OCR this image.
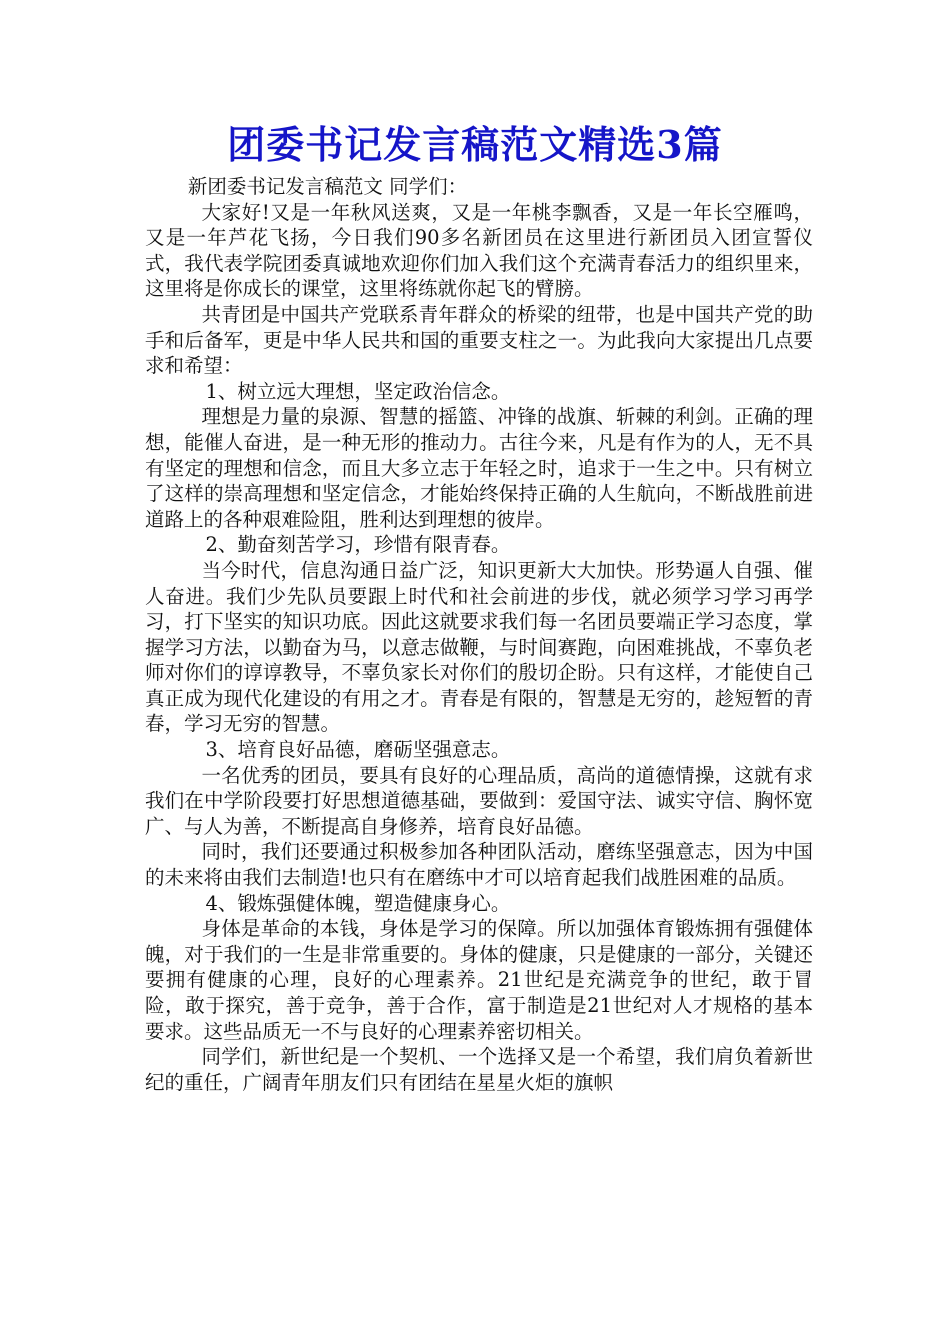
团委书记发言稿范文精选3篇

新团委书记发言稿范文 同学们：

大家好!又是一年秋风送爽，又是一年桃李飘香，又是一年长空雁鸣，又是一年芦花飞扬，今日我们90多名新团员在这里进行新团员入团宣誓仪式，我代表学院团委真诚地欢迎你们加入我们这个充满青春活力的组织里来，这里将是你成长的课堂，这里将练就你起飞的臂膀。

共青团是中国共产党联系青年群众的桥梁的纽带，也是中国共产党的助手和后备军，更是中华人民共和国的重要支柱之一。为此我向大家提出几点要求和希望：

1、树立远大理想，坚定政治信念。

理想是力量的泉源、智慧的摇篮、冲锋的战旗、斩棘的利剑。正确的理想，能催人奋进，是一种无形的推动力。古往今来，凡是有作为的人，无不具有坚定的理想和信念，而且大多立志于年轻之时，追求于一生之中。只有树立了这样的崇高理想和坚定信念，才能始终保持正确的人生航向，不断战胜前进道路上的各种艰难险阻，胜利达到理想的彼岸。

2、勤奋刻苦学习，珍惜有限青春。

当今时代，信息沟通日益广泛，知识更新大大加快。形势逼人自强、催人奋进。我们少先队员要跟上时代和社会前进的步伐，就必须学习学习再学习，打下坚实的知识功底。因此这就要求我们每一名团员要端正学习态度，掌握学习方法，以勤奋为马，以意志做鞭，与时间赛跑，向困难挑战，不辜负老师对你们的谆谆教导，不辜负家长对你们的殷切企盼。只有这样，才能使自己真正成为现代化建设的有用之才。青春是有限的，智慧是无穷的，趁短暂的青春，学习无穷的智慧。

3、培育良好品德，磨砺坚强意志。

一名优秀的团员，要具有良好的心理品质，高尚的道德情操，这就有求我们在中学阶段要打好思想道德基础，要做到：爱国守法、诚实守信、胸怀宽广、与人为善，不断提高自身修养，培育良好品德。

同时，我们还要通过积极参加各种团队活动，磨练坚强意志，因为中国的未来将由我们去制造!也只有在磨练中才可以培育起我们战胜困难的品质。

4、锻炼强健体魄，塑造健康身心。

身体是革命的本钱，身体是学习的保障。所以加强体育锻炼拥有强健体魄，对于我们的一生是非常重要的。身体的健康，只是健康的一部分，关键还要拥有健康的心理，良好的心理素养。21世纪是充满竞争的世纪，敢于冒险，敢于探究，善于竞争，善于合作，富于制造是21世纪对人才规格的基本要求。这些品质无一不与良好的心理素养密切相关。

同学们，新世纪是一个契机、一个选择又是一个希望，我们肩负着新世纪的重任，广阔青年朋友们只有团结在星星火炬的旗帜
